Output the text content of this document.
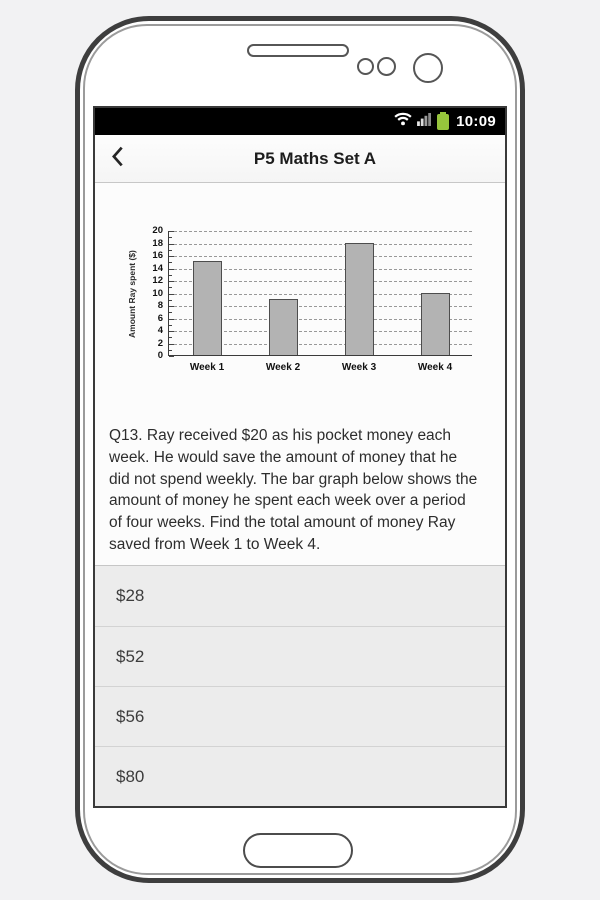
10:09
P5 Maths Set A
Amount Ray spent ($)
0
2
4
6
8
10
12
14
16
18
20
Week 1	Week 2	Week 3	Week 4

Q13. Ray received $20 as his pocket money each week. He would save the amount of money that he did not spend weekly. The bar graph below shows the amount of money he spent each week over a period of four weeks. Find the total amount of money Ray saved from Week 1 to Week 4.

$28
$52
$56
$80
